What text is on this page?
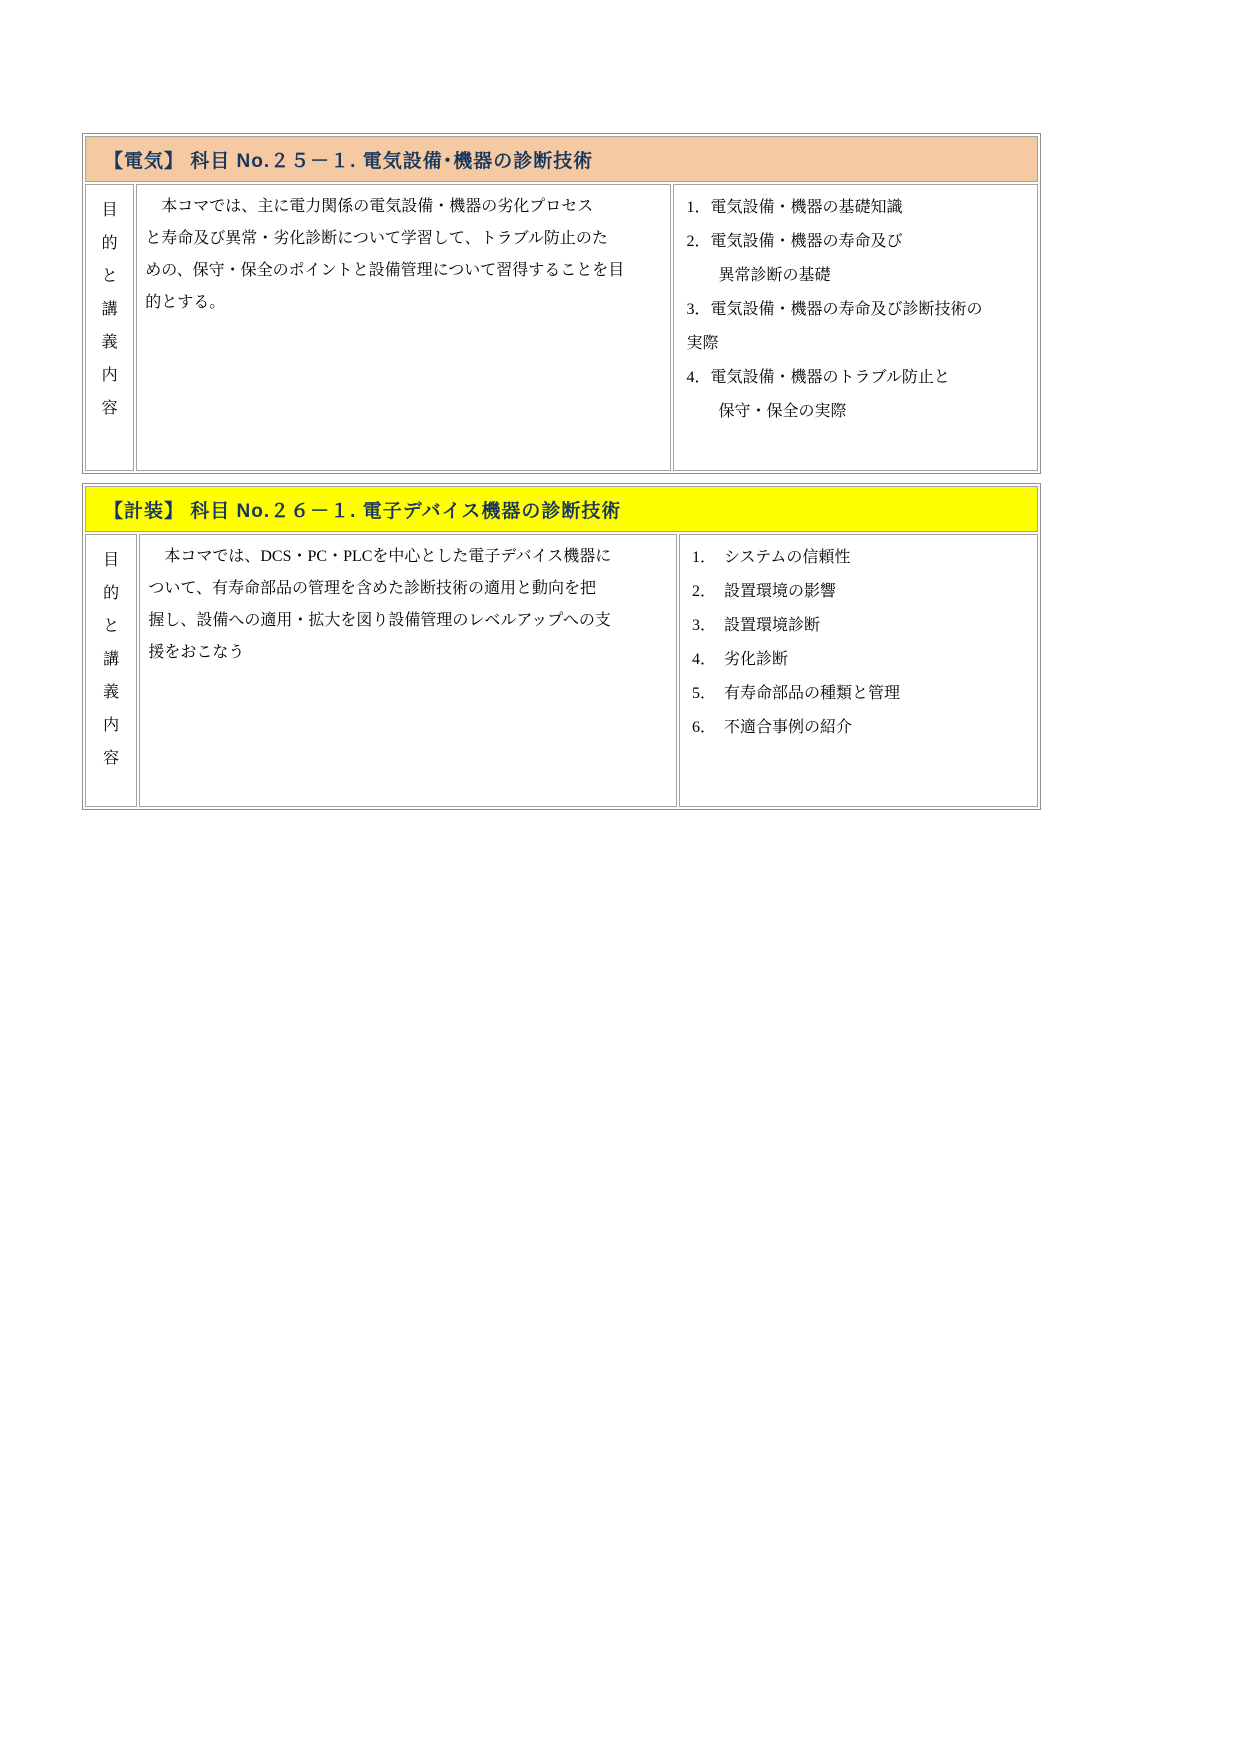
【電気】 科目 No.２５－１. 電気設備･機器の診断技術

目
的
と
講
義
内
容

　本コマでは、主に電力関係の電気設備・機器の劣化プロセス
と寿命及び異常・劣化診断について学習して、トラブル防止のた
めの、保守・保全のポイントと設備管理について習得することを目
的とする。

1．電気設備・機器の基礎知識
2．電気設備・機器の寿命及び
　　異常診断の基礎
3．電気設備・機器の寿命及び診断技術の
実際
4．電気設備・機器のトラブル防止と
　　保守・保全の実際
【計装】 科目 No.２６－１. 電子デバイス機器の診断技術

目
的
と
講
義
内
容

　本コマでは、DCS・PC・PLCを中心とした電子デバイス機器に
ついて、有寿命部品の管理を含めた診断技術の適用と動向を把
握し、設備への適用・拡大を図り設備管理のレベルアップへの支
援をおこなう

1．　システムの信頼性
2．　設置環境の影響
3．　設置環境診断
4．　劣化診断
5．　有寿命部品の種類と管理
6．　不適合事例の紹介
